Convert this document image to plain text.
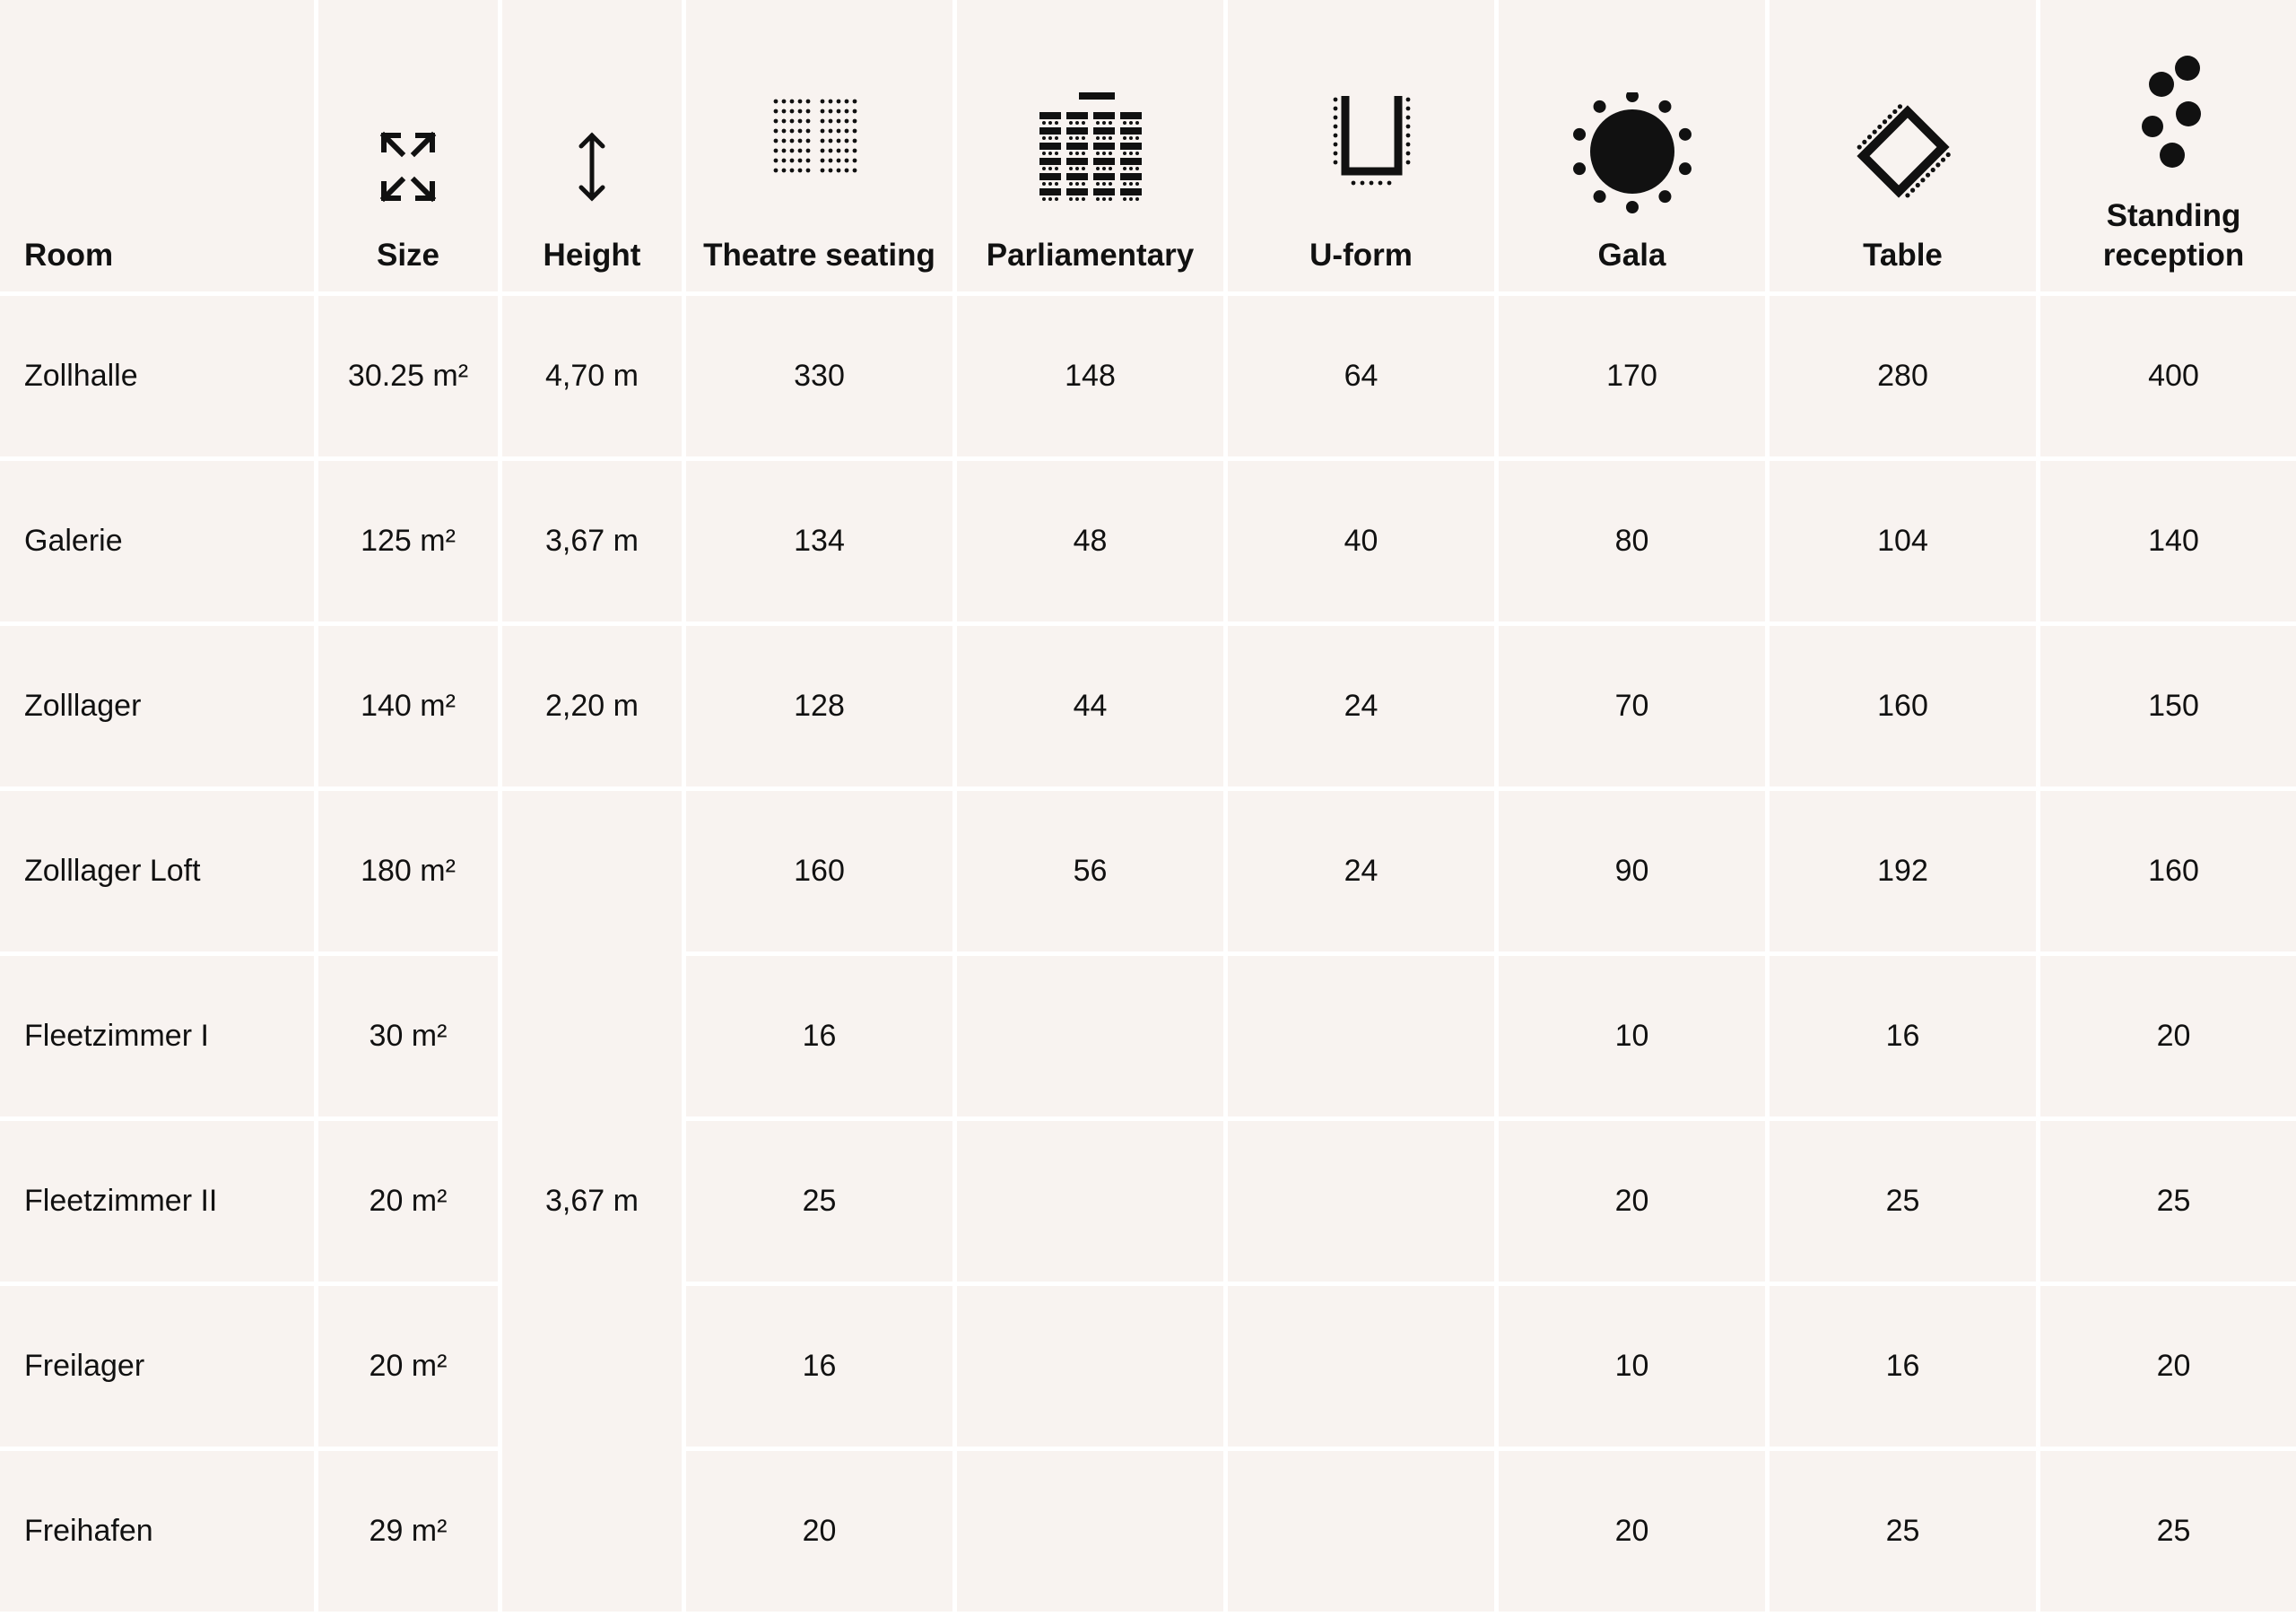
Room	Size	Height	Theatre seating	Parliamentary	U-form	Gala	Table	Standing reception

Zollhalle	30.25 m²	4,70 m	330	148	64	170	280	400
Galerie	125 m²	3,67 m	134	48	40	80	104	140
Zolllager	140 m²	2,20 m	128	44	24	70	160	150
Zolllager Loft	180 m²	3,67 m	160	56	24	90	192	160
Fleetzimmer I	30 m²		16			10	16	20
Fleetzimmer II	20 m²		25			20	25	25
Freilager	20 m²		16			10	16	20
Freihafen	29 m²		20			20	25	25
